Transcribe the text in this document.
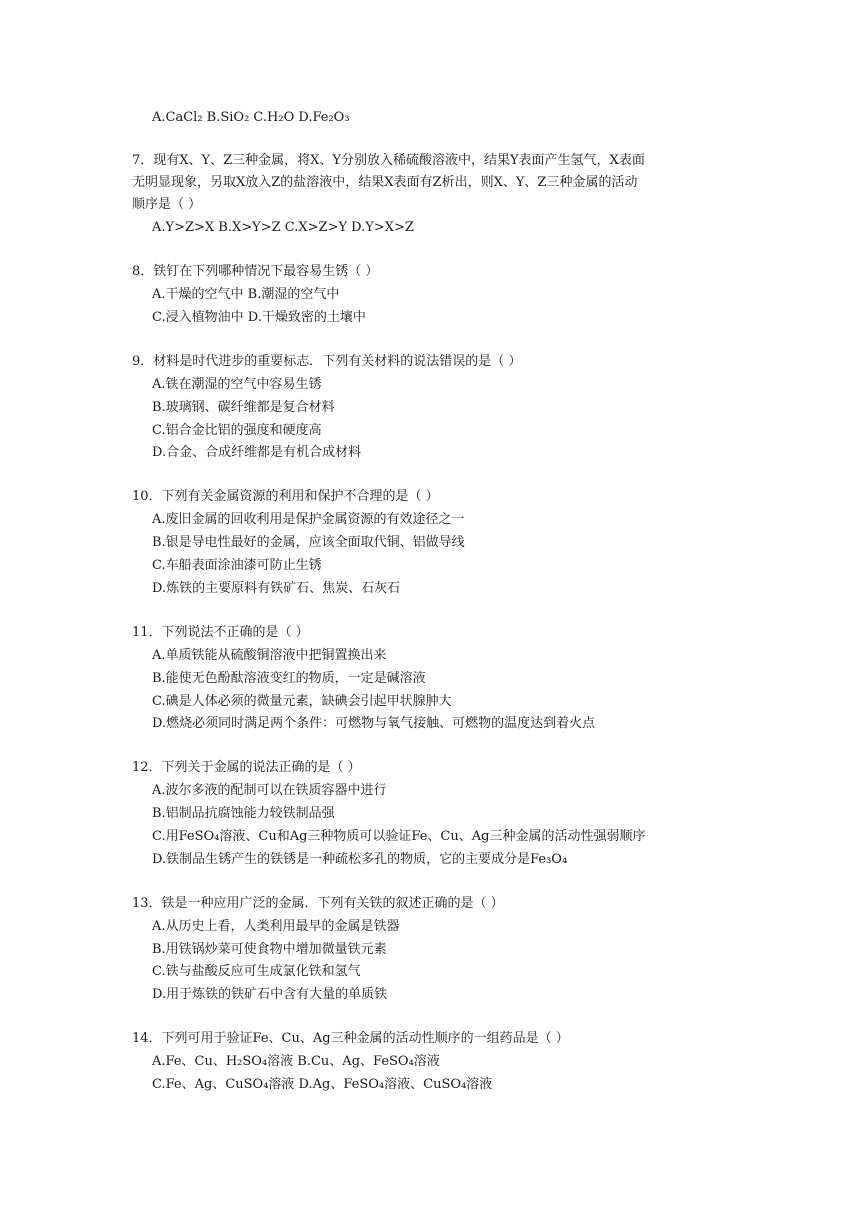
A.CaCl₂ B.SiO₂ C.H₂O D.Fe₂O₃
7．现有X、Y、Z三种金属，将X、Y分别放入稀硫酸溶液中，结果Y表面产生氢气，X表面
无明显现象，另取X放入Z的盐溶液中，结果X表面有Z析出，则X、Y、Z三种金属的活动
顺序是（ ）
A.Y>Z>X B.X>Y>Z C.X>Z>Y D.Y>X>Z
8．铁钉在下列哪种情况下最容易生锈（ ）
A.干燥的空气中 B.潮湿的空气中
C.浸入植物油中 D.干燥致密的土壤中
9．材料是时代进步的重要标志．下列有关材料的说法错误的是（ ）
A.铁在潮湿的空气中容易生锈
B.玻璃钢、碳纤维都是复合材料
C.铝合金比铝的强度和硬度高
D.合金、合成纤维都是有机合成材料
10．下列有关金属资源的利用和保护不合理的是（ ）
A.废旧金属的回收利用是保护金属资源的有效途径之一
B.银是导电性最好的金属，应该全面取代铜、铝做导线
C.车船表面涂油漆可防止生锈
D.炼铁的主要原料有铁矿石、焦炭、石灰石
11．下列说法不正确的是（ ）
A.单质铁能从硫酸铜溶液中把铜置换出来
B.能使无色酚酞溶液变红的物质，一定是碱溶液
C.碘是人体必须的微量元素，缺碘会引起甲状腺肿大
D.燃烧必须同时满足两个条件：可燃物与氧气接触、可燃物的温度达到着火点
12．下列关于金属的说法正确的是（ ）
A.波尔多液的配制可以在铁质容器中进行
B.铝制品抗腐蚀能力较铁制品强
C.用FeSO₄溶液、Cu和Ag三种物质可以验证Fe、Cu、Ag三种金属的活动性强弱顺序
D.铁制品生锈产生的铁锈是一种疏松多孔的物质，它的主要成分是Fe₃O₄
13．铁是一种应用广泛的金属．下列有关铁的叙述正确的是（ ）
A.从历史上看，人类利用最早的金属是铁器
B.用铁锅炒菜可使食物中增加微量铁元素
C.铁与盐酸反应可生成氯化铁和氢气
D.用于炼铁的铁矿石中含有大量的单质铁
14．下列可用于验证Fe、Cu、Ag三种金属的活动性顺序的一组药品是（ ）
A.Fe、Cu、H₂SO₄溶液 B.Cu、Ag、FeSO₄溶液
C.Fe、Ag、CuSO₄溶液 D.Ag、FeSO₄溶液、CuSO₄溶液
